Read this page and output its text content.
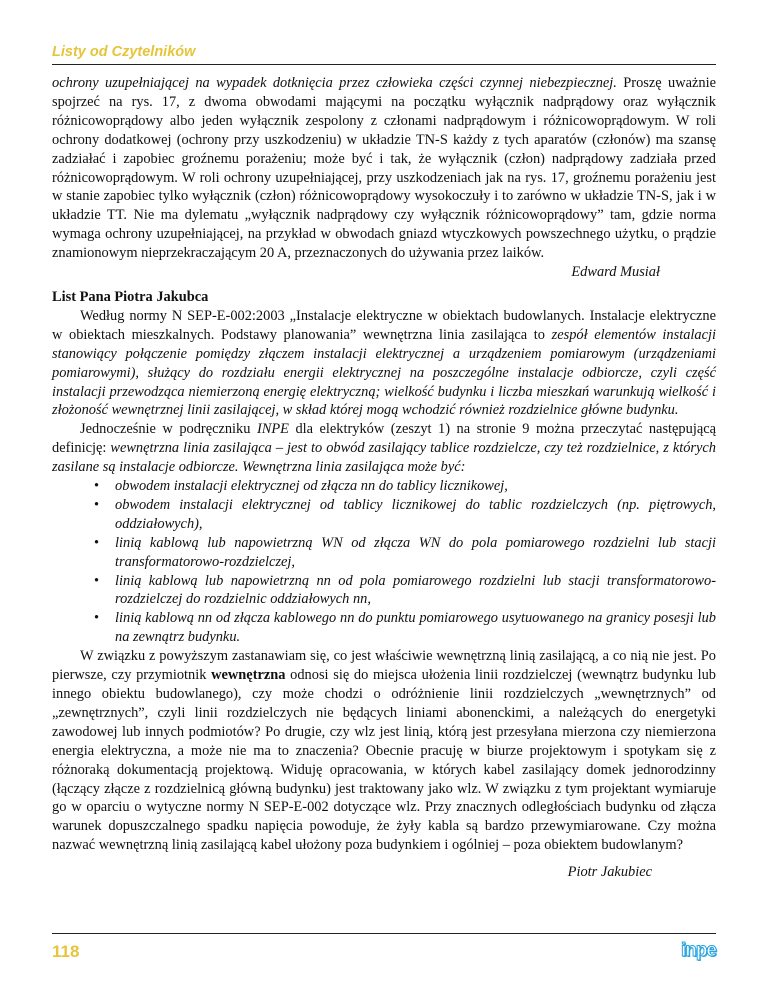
Listy od Czytelników

ochrony uzupełniającej na wypadek dotknięcia przez człowieka części czynnej niebezpiecznej. Proszę uważnie spojrzeć na rys. 17, z dwoma obwodami mającymi na początku wyłącznik nadprądowy oraz wyłącznik różnicowoprądowy albo jeden wyłącznik zespolony z członami nadprądowym i różnicowoprądowym. W roli ochrony dodatkowej (ochrony przy uszkodzeniu) w układzie TN-S każdy z tych aparatów (członów) ma szansę zadziałać i zapobiec groźnemu porażeniu; może być i tak, że wyłącznik (człon) nadprądowy zadziała przed różnicowoprądowym. W roli ochrony uzupełniającej, przy uszkodzeniach jak na rys. 17, groźnemu porażeniu jest w stanie zapobiec tylko wyłącznik (człon) różnicowoprądowy wysokoczuły i to zarówno w układzie TN-S, jak i w układzie TT. Nie ma dylematu „wyłącznik nadprądowy czy wyłącznik różnicowoprądowy” tam, gdzie norma wymaga ochrony uzupełniającej, na przykład w obwodach gniazd wtyczkowych powszechnego użytku, o prądzie znamionowym nieprzekraczającym 20 A, przeznaczonych do używania przez laików.

Edward Musiał

List Pana Piotra Jakubca

Według normy N SEP-E-002:2003 „Instalacje elektryczne w obiektach budowlanych. Instalacje elektryczne w obiektach mieszkalnych. Podstawy planowania” wewnętrzna linia zasilająca to zespół elementów instalacji stanowiący połączenie pomiędzy złączem instalacji elektrycznej a urządzeniem pomiarowym (urządzeniami pomiarowymi), służący do rozdziału energii elektrycznej na poszczególne instalacje odbiorcze, czyli część instalacji przewodząca niemierzoną energię elektryczną; wielkość budynku i liczba mieszkań warunkują wielkość i złożoność wewnętrznej linii zasilającej, w skład której mogą wchodzić również rozdzielnice główne budynku.

Jednocześnie w podręczniku INPE dla elektryków (zeszyt 1) na stronie 9 można przeczytać następującą definicję: wewnętrzna linia zasilająca – jest to obwód zasilający tablice rozdzielcze, czy też rozdzielnice, z których zasilane są instalacje odbiorcze. Wewnętrzna linia zasilająca może być:

• obwodem instalacji elektrycznej od złącza nn do tablicy licznikowej,
• obwodem instalacji elektrycznej od tablicy licznikowej do tablic rozdzielczych (np. piętrowych, oddziałowych),
• linią kablową lub napowietrzną WN od złącza WN do pola pomiarowego rozdzielni lub stacji transformatorowo-rozdzielczej,
• linią kablową lub napowietrzną nn od pola pomiarowego rozdzielni lub stacji transformatorowo-rozdzielczej do rozdzielnic oddziałowych nn,
• linią kablową nn od złącza kablowego nn do punktu pomiarowego usytuowanego na granicy posesji lub na zewnątrz budynku.

W związku z powyższym zastanawiam się, co jest właściwie wewnętrzną linią zasilającą, a co nią nie jest. Po pierwsze, czy przymiotnik wewnętrzna odnosi się do miejsca ułożenia linii rozdzielczej (wewnątrz budynku lub innego obiektu budowlanego), czy może chodzi o odróżnienie linii rozdzielczych „wewnętrznych” od „zewnętrznych”, czyli linii rozdzielczych nie będących liniami abonenckimi, a należących do energetyki zawodowej lub innych podmiotów? Po drugie, czy wlz jest linią, którą jest przesyłana mierzona czy niemierzona energia elektryczna, a może nie ma to znaczenia? Obecnie pracuję w biurze projektowym i spotykam się z różnoraką dokumentacją projektową. Widuję opracowania, w których kabel zasilający domek jednorodzinny (łączący złącze z rozdzielnicą główną budynku) jest traktowany jako wlz. W związku z tym projektant wymiaruje go w oparciu o wytyczne normy N SEP-E-002 dotyczące wlz. Przy znacznych odległościach budynku od złącza warunek dopuszczalnego spadku napięcia powoduje, że żyły kabla są bardzo przewymiarowane. Czy można nazwać wewnętrzną linią zasilającą kabel ułożony poza budynkiem i ogólniej – poza obiektem budowlanym?

Piotr Jakubiec

118	inpe
